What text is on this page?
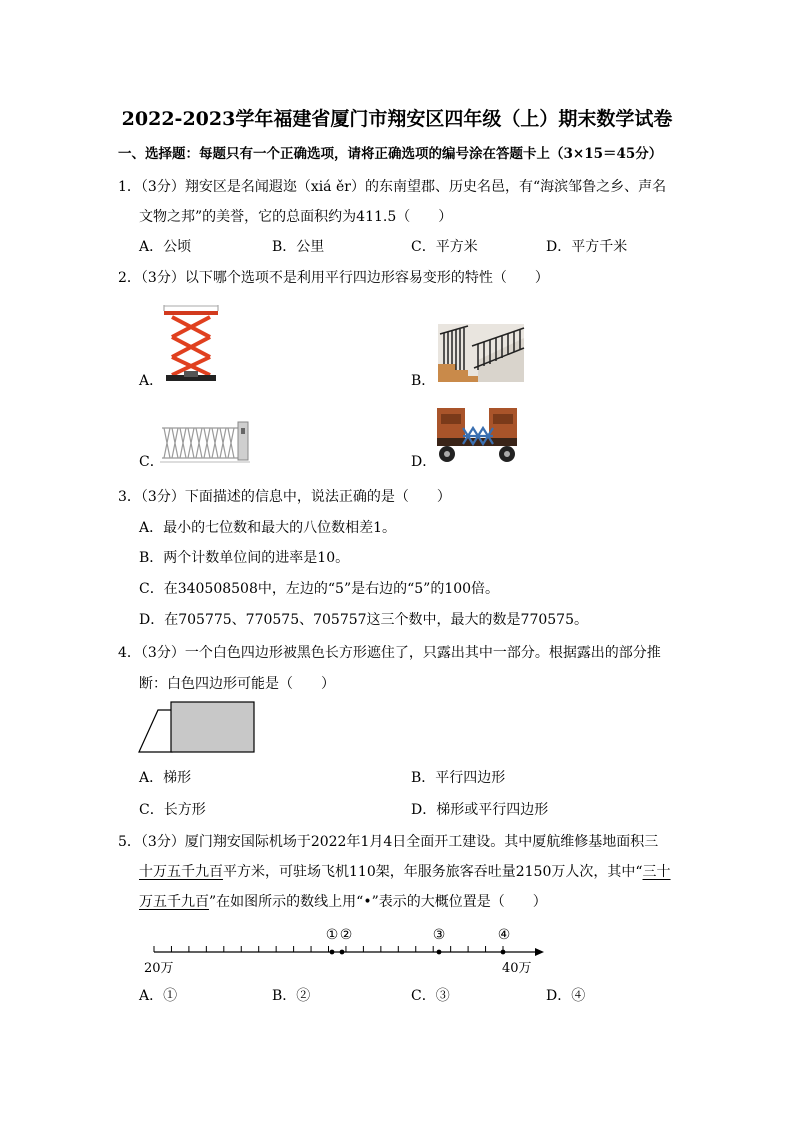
2022-2023学年福建省厦门市翔安区四年级（上）期末数学试卷
一、选择题：每题只有一个正确选项，请将正确选项的编号涂在答题卡上（3×15＝45分）
1．（3分）翔安区是名闻遐迩（xiá ěr）的东南望郡、历史名邑，有“海滨邹鲁之乡、声名
文物之邦”的美誉，它的总面积约为411.5（　　）
A．公顷	B．公里	C．平方米	D．平方千米
2．（3分）以下哪个选项不是利用平行四边形容易变形的特性（　　）
A．	B．
C．	D．
3．（3分）下面描述的信息中，说法正确的是（　　）
A．最小的七位数和最大的八位数相差1。
B．两个计数单位间的进率是10。
C．在340508508中，左边的“5”是右边的“5”的100倍。
D．在705775、770575、705757这三个数中，最大的数是770575。
4．（3分）一个白色四边形被黑色长方形遮住了，只露出其中一部分。根据露出的部分推
断：白色四边形可能是（　　）
A．梯形	B．平行四边形
C．长方形	D．梯形或平行四边形
5．（3分）厦门翔安国际机场于2022年1月4日全面开工建设。其中厦航维修基地面积三
十万五千九百平方米，可驻场飞机110架，年服务旅客吞吐量2150万人次，其中“三十
万五千九百”在如图所示的数线上用“•”表示的大概位置是（　　）
① ②	③	④
20万	40万
A．①	B．②	C．③	D．④
